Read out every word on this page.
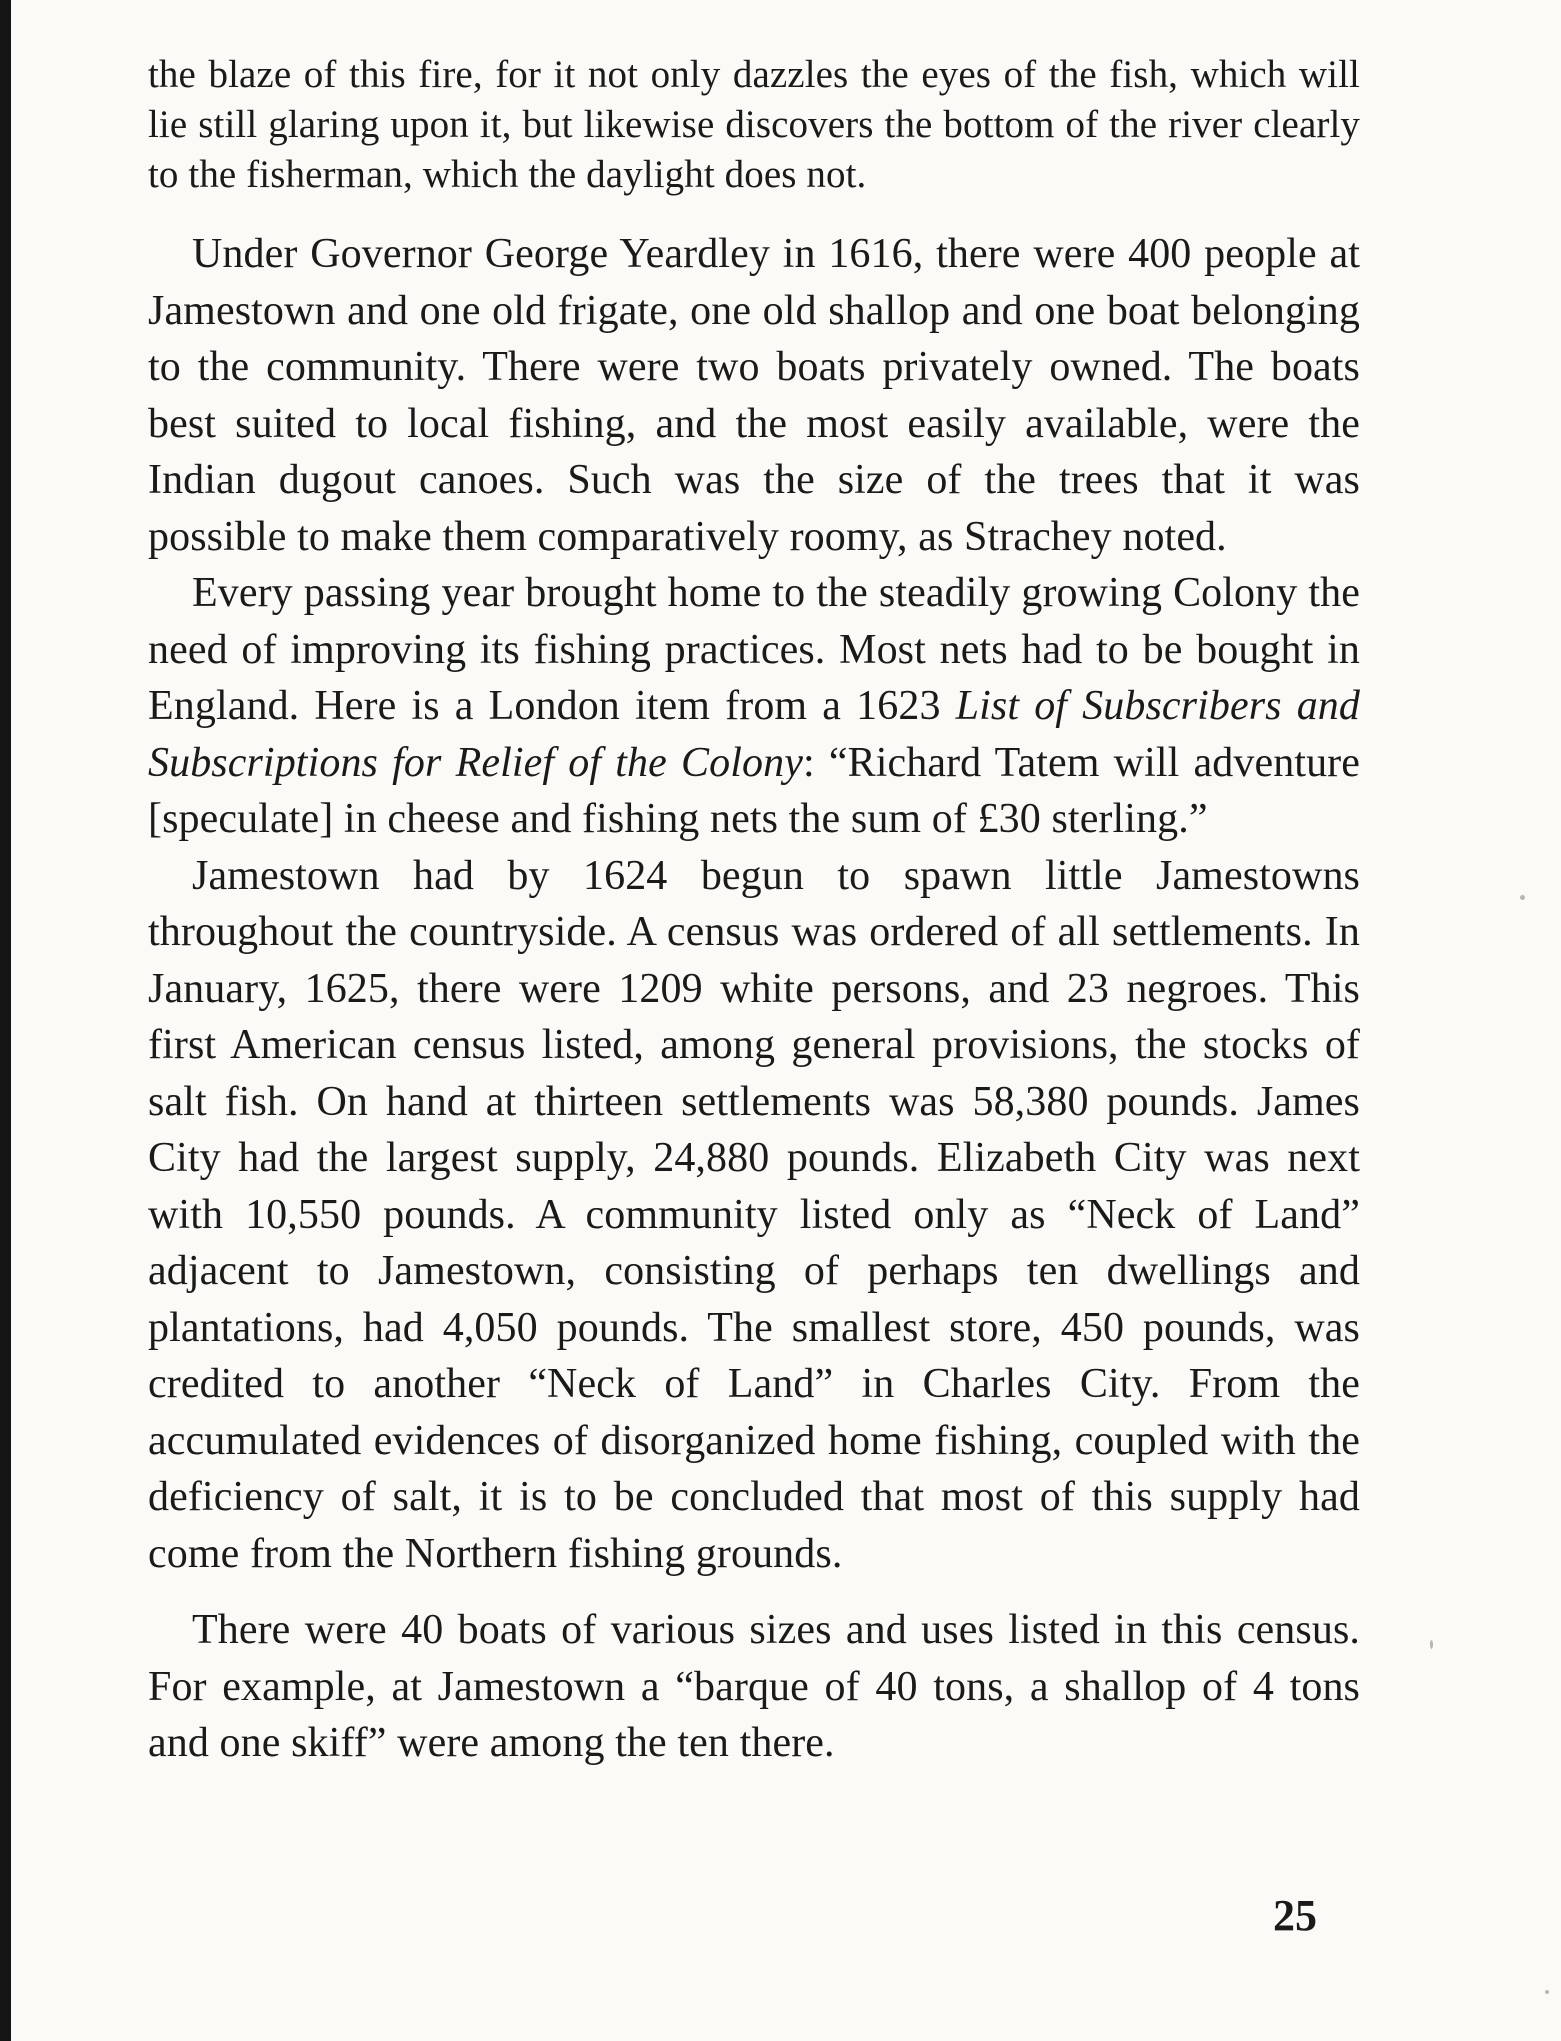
the blaze of this fire, for it not only dazzles the eyes of the fish, which will lie still glaring upon it, but likewise discovers the bottom of the river clearly to the fisherman, which the daylight does not.

Under Governor George Yeardley in 1616, there were 400 people at Jamestown and one old frigate, one old shallop and one boat belonging to the community. There were two boats privately owned. The boats best suited to local fishing, and the most easily available, were the Indian dugout canoes. Such was the size of the trees that it was possible to make them comparatively roomy, as Strachey noted.

Every passing year brought home to the steadily growing Colony the need of improving its fishing practices. Most nets had to be bought in England. Here is a London item from a 1623 List of Subscribers and Subscriptions for Relief of the Colony: “Richard Tatem will adventure [speculate] in cheese and fishing nets the sum of £30 sterling.”

Jamestown had by 1624 begun to spawn little Jamestowns throughout the countryside. A census was ordered of all settlements. In January, 1625, there were 1209 white persons, and 23 negroes. This first American census listed, among general provisions, the stocks of salt fish. On hand at thirteen settlements was 58,380 pounds. James City had the largest supply, 24,880 pounds. Elizabeth City was next with 10,550 pounds. A community listed only as “Neck of Land” adjacent to Jamestown, consisting of perhaps ten dwellings and plantations, had 4,050 pounds. The smallest store, 450 pounds, was credited to another “Neck of Land” in Charles City. From the accumulated evidences of disorganized home fishing, coupled with the deficiency of salt, it is to be concluded that most of this supply had come from the Northern fishing grounds.

There were 40 boats of various sizes and uses listed in this census. For example, at Jamestown a “barque of 40 tons, a shallop of 4 tons and one skiff” were among the ten there.

25
